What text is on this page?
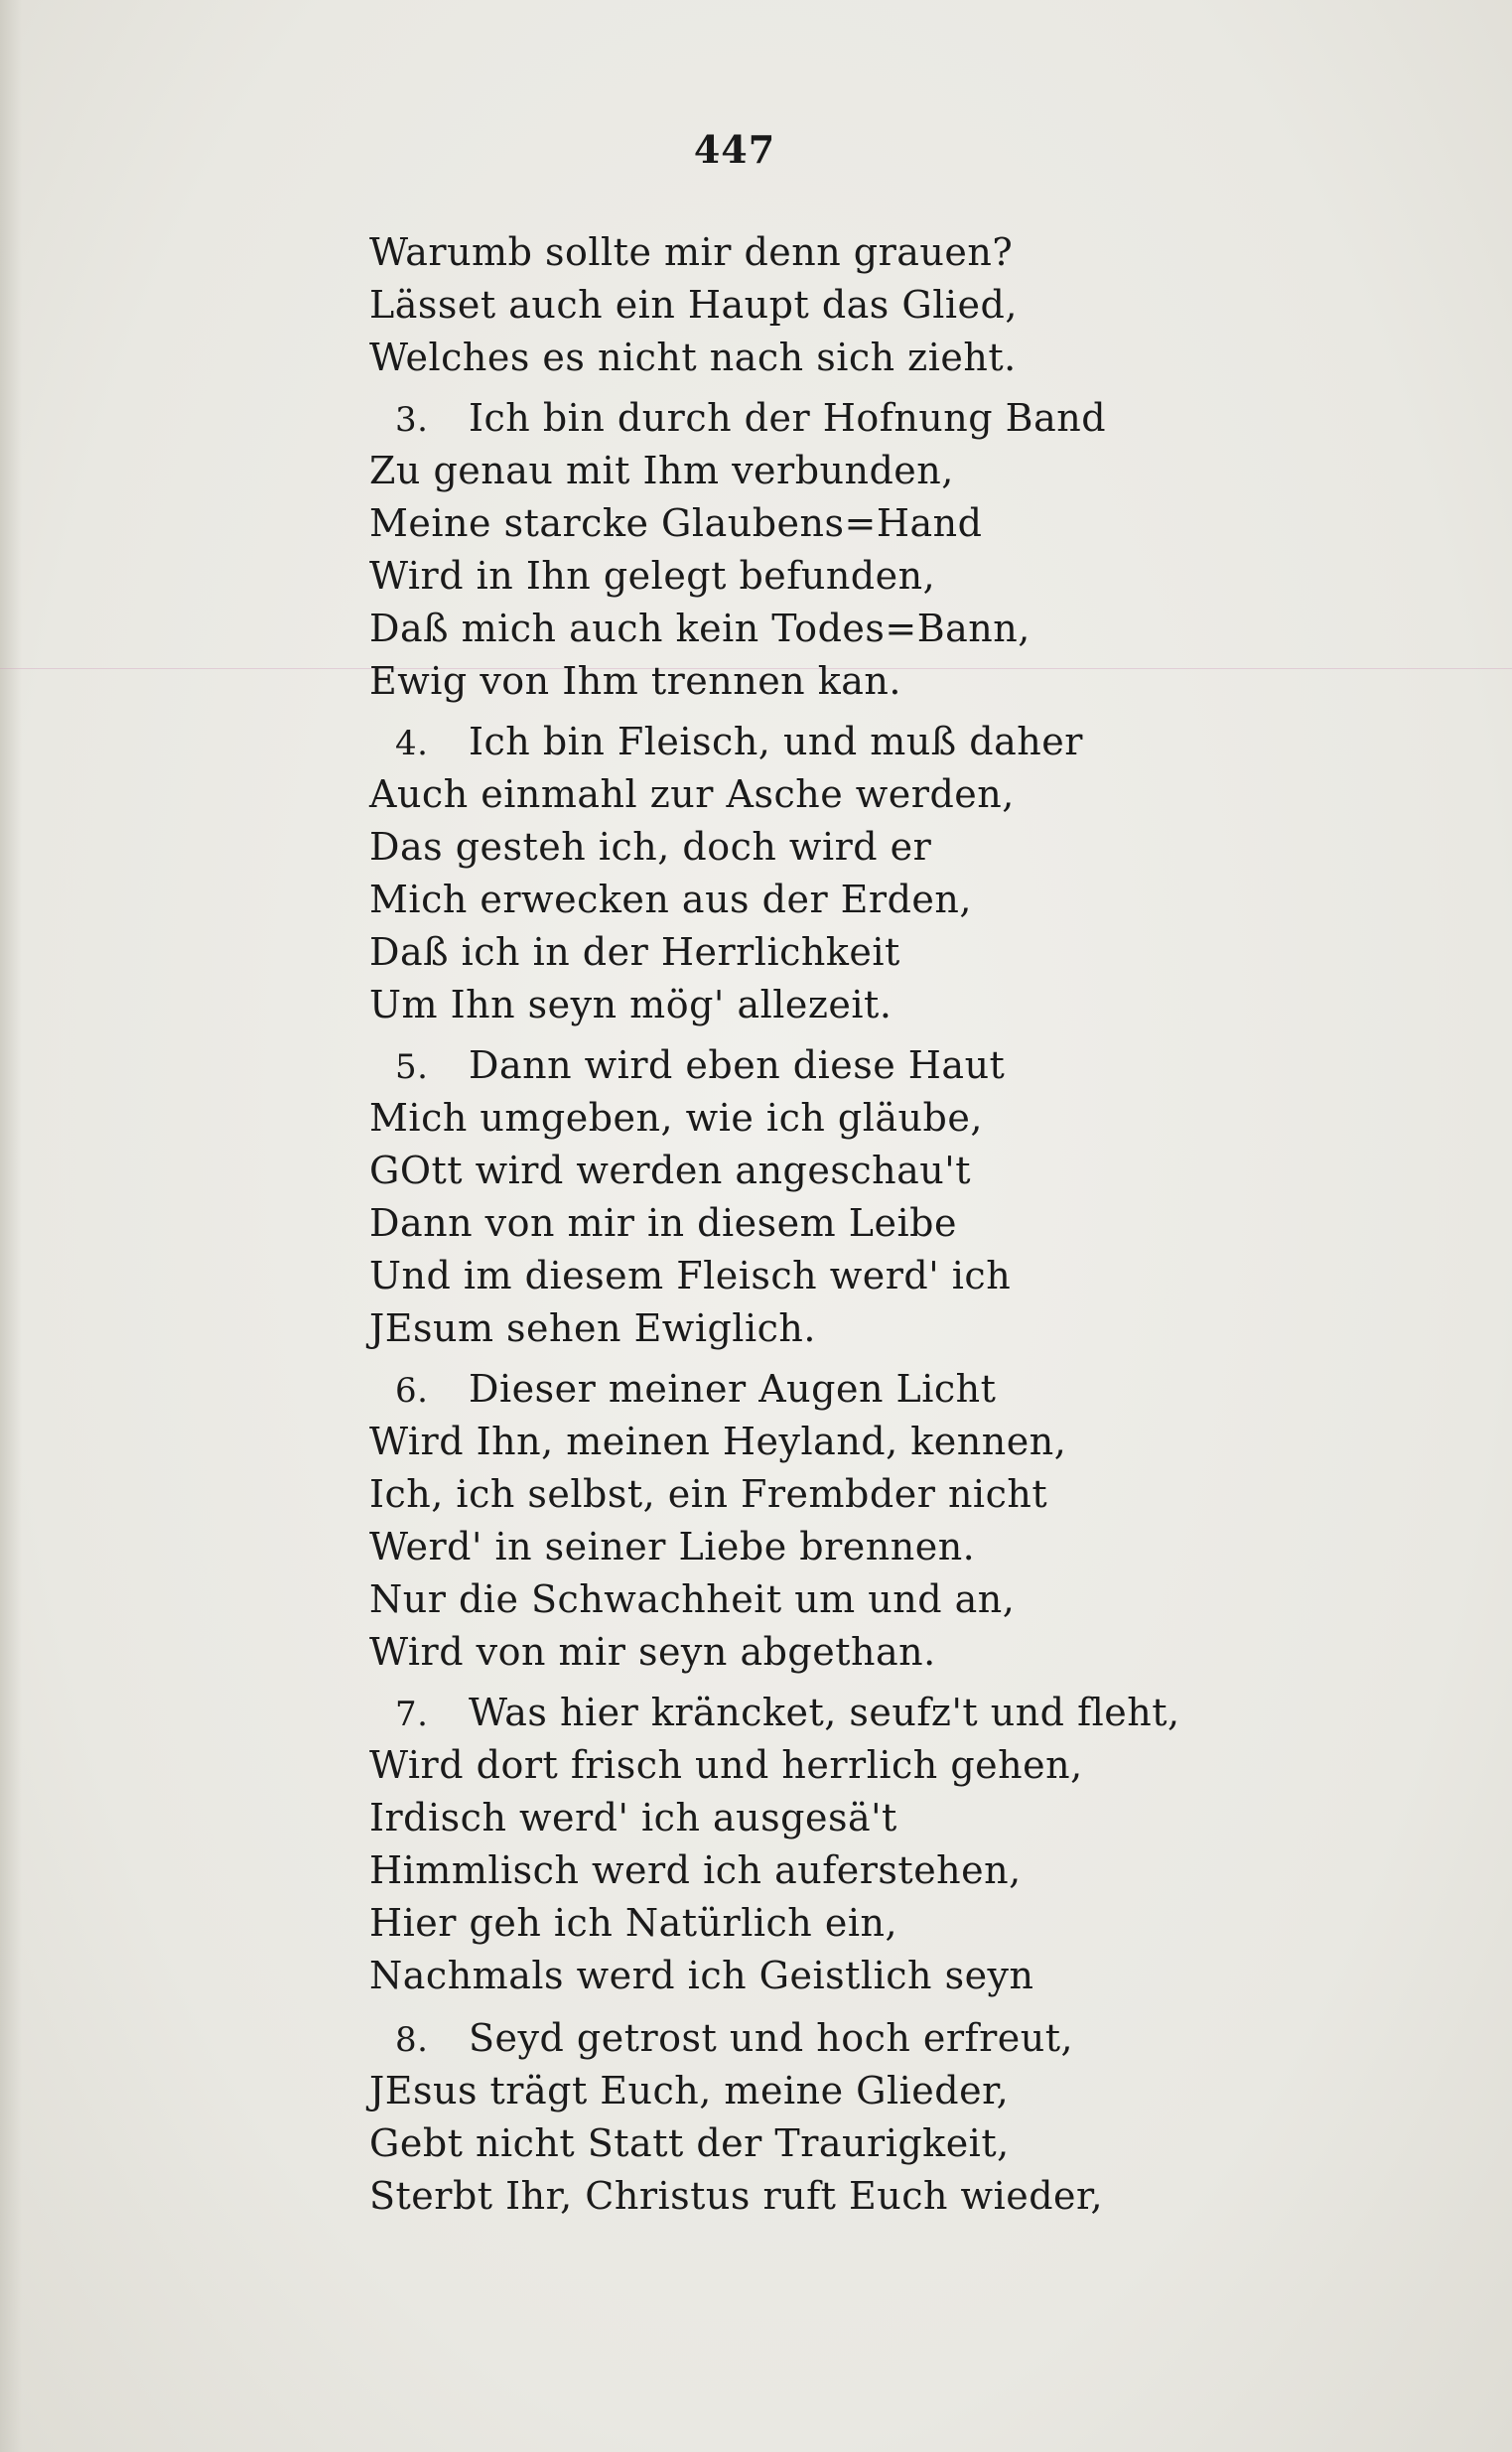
447
Warumb sollte mir denn grauen?
Lässet auch ein Haupt das Glied,
Welches es nicht nach sich zieht.
3. Ich bin durch der Hofnung Band
Zu genau mit Ihm verbunden,
Meine starcke Glaubens=Hand
Wird in Ihn gelegt befunden,
Daß mich auch kein Todes=Bann,
Ewig von Ihm trennen kan.
4. Ich bin Fleisch, und muß daher
Auch einmahl zur Asche werden,
Das gesteh ich, doch wird er
Mich erwecken aus der Erden,
Daß ich in der Herrlichkeit
Um Ihn seyn mög' allezeit.
5. Dann wird eben diese Haut
Mich umgeben, wie ich gläube,
GOtt wird werden angeschau't
Dann von mir in diesem Leibe
Und im diesem Fleisch werd' ich
JEsum sehen Ewiglich.
6. Dieser meiner Augen Licht
Wird Ihn, meinen Heyland, kennen,
Ich, ich selbst, ein Frembder nicht
Werd' in seiner Liebe brennen.
Nur die Schwachheit um und an,
Wird von mir seyn abgethan.
7. Was hier kräncket, seufz't und fleht,
Wird dort frisch und herrlich gehen,
Irdisch werd' ich ausgesä't
Himmlisch werd ich auferstehen,
Hier geh ich Natürlich ein,
Nachmals werd ich Geistlich seyn
8. Seyd getrost und hoch erfreut,
JEsus trägt Euch, meine Glieder,
Gebt nicht Statt der Traurigkeit,
Sterbt Ihr, Christus ruft Euch wieder,
